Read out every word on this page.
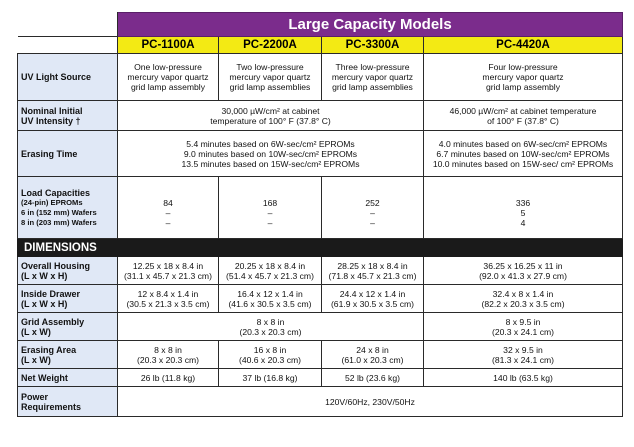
	Large Capacity Models			
	PC-1100A	PC-2200A	PC-3300A	PC-4420A
UV Light Source	One low-pressure
mercury vapor quartz
grid lamp assembly	Two low-pressure
mercury vapor quartz
grid lamp assemblies	Three low-pressure
mercury vapor quartz
grid lamp assemblies	Four low-pressure
mercury vapor quartz
grid lamp assembly

Nominal Initial
UV Intensity †	30,000 µW/cm² at cabinet
temperature of 100° F (37.8° C)			46,000 µW/cm² at cabinet temperature
of 100° F (37.8° C)

Erasing Time	5.4 minutes based on 6W-sec/cm² EPROMs
9.0 minutes based on 10W-sec/cm² EPROMs
13.5 minutes based on 15W-sec/cm² EPROMs			4.0 minutes based on 6W-sec/cm² EPROMs
6.7 minutes based on 10W-sec/cm² EPROMs
10.0 minutes based on 15W-sec/ cm² EPROMs

Load Capacities
(24-pin) EPROMs
6 in (152 mm) Wafers
8 in (203 mm) Wafers	84
–
–	168
–
–	252
–
–	336
5
4

DIMENSIONS				

Overall Housing
(L x W x H)	12.25 x 18 x 8.4 in
(31.1 x 45.7 x 21.3 cm)	20.25 x 18 x 8.4 in
(51.4 x 45.7 x 21.3 cm)	28.25 x 18 x 8.4 in
(71.8 x 45.7 x 21.3 cm)	36.25 x 16.25 x 11 in
(92.0 x 41.3 x 27.9 cm)

Inside Drawer
(L x W x H)	12 x 8.4 x 1.4 in
(30.5 x 21.3 x 3.5 cm)	16.4 x 12 x 1.4 in
(41.6 x 30.5 x 3.5 cm)	24.4 x 12 x 1.4 in
(61.9 x 30.5 x 3.5 cm)	32.4 x 8 x 1.4 in
(82.2 x 20.3 x 3.5 cm)

Grid Assembly
(L x W)	8 x 8 in
(20.3 x 20.3 cm)			8 x 9.5 in
(20.3 x 24.1 cm)

Erasing Area
(L x W)	8 x 8 in
(20.3 x 20.3 cm)	16 x 8 in
(40.6 x 20.3 cm)	24 x 8 in
(61.0 x 20.3 cm)	32 x 9.5 in
(81.3 x 24.1 cm)

Net Weight	26 lb (11.8 kg)	37 lb (16.8 kg)	52 lb (23.6 kg)	140 lb (63.5 kg)

Power
Requirements	120V/60Hz, 230V/50Hz			
